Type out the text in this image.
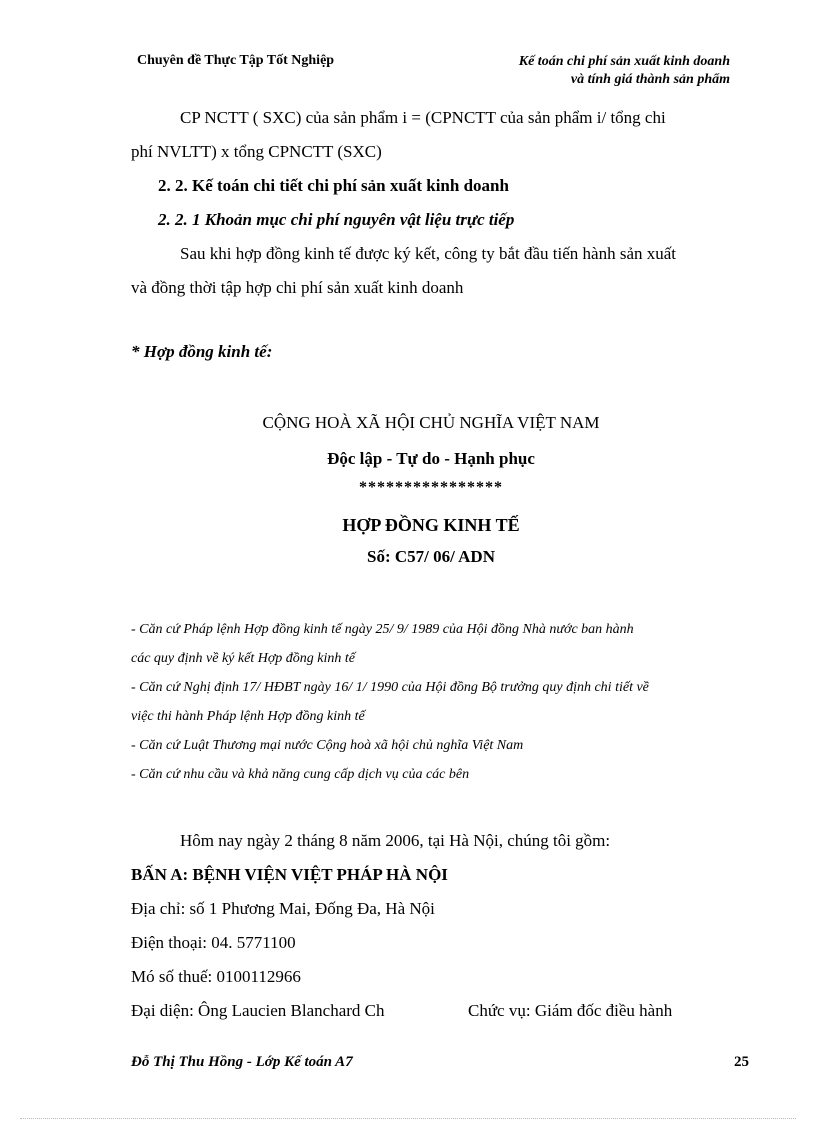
Chuyên đề Thực Tập Tốt Nghiệp	Kế toán chi phí sản xuất kinh doanh
và tính giá thành sản phẩm

CP NCTT ( SXC) của sản phẩm i = (CPNCTT của sản phẩm i/ tổng chi

phí NVLTT) x tổng CPNCTT (SXC)

2. 2. Kế toán chi tiết chi phí sản xuất kinh doanh

2. 2. 1 Khoản mục chi phí nguyên vật liệu trực tiếp

Sau khi hợp đồng kinh tế được ký kết, công ty bắt đầu tiến hành sản xuất

và đồng thời tập hợp chi phí sản xuất kinh doanh

* Hợp đồng kinh tế:
CỘNG HOÀ XÃ HỘI CHỦ NGHĨA VIỆT NAM
Độc lập - Tự do - Hạnh phục
****************
HỢP ĐỒNG KINH TẾ
Số: C57/ 06/ ADN
- Căn cứ Pháp lệnh Hợp đồng kinh tế ngày 25/ 9/ 1989 của Hội đồng Nhà nước ban hành
các quy định về ký kết Hợp đồng kinh tế
- Căn cứ Nghị định 17/ HĐBT ngày 16/ 1/ 1990 của Hội đồng Bộ trưởng quy định chi tiết về
việc thi hành Pháp lệnh Hợp đồng kinh tế
- Căn cứ Luật Thương mại nước Cộng hoà xã hội chủ nghĩa Việt Nam
- Căn cứ nhu cầu và khả năng cung cấp dịch vụ của các bên
Hôm nay ngày 2 tháng 8 năm 2006, tại Hà Nội, chúng tôi gồm:
BẤN A: BỆNH VIỆN VIỆT PHÁP HÀ NỘI
Địa chỉ: số 1 Phương Mai, Đống Đa, Hà Nội
Điện thoại: 04. 5771100
Mó số thuế: 0100112966
Đại diện: Ông Laucien Blanchard Ch	Chức vụ: Giám đốc điều hành
Đỗ Thị Thu Hồng - Lớp Kế toán A7	25
